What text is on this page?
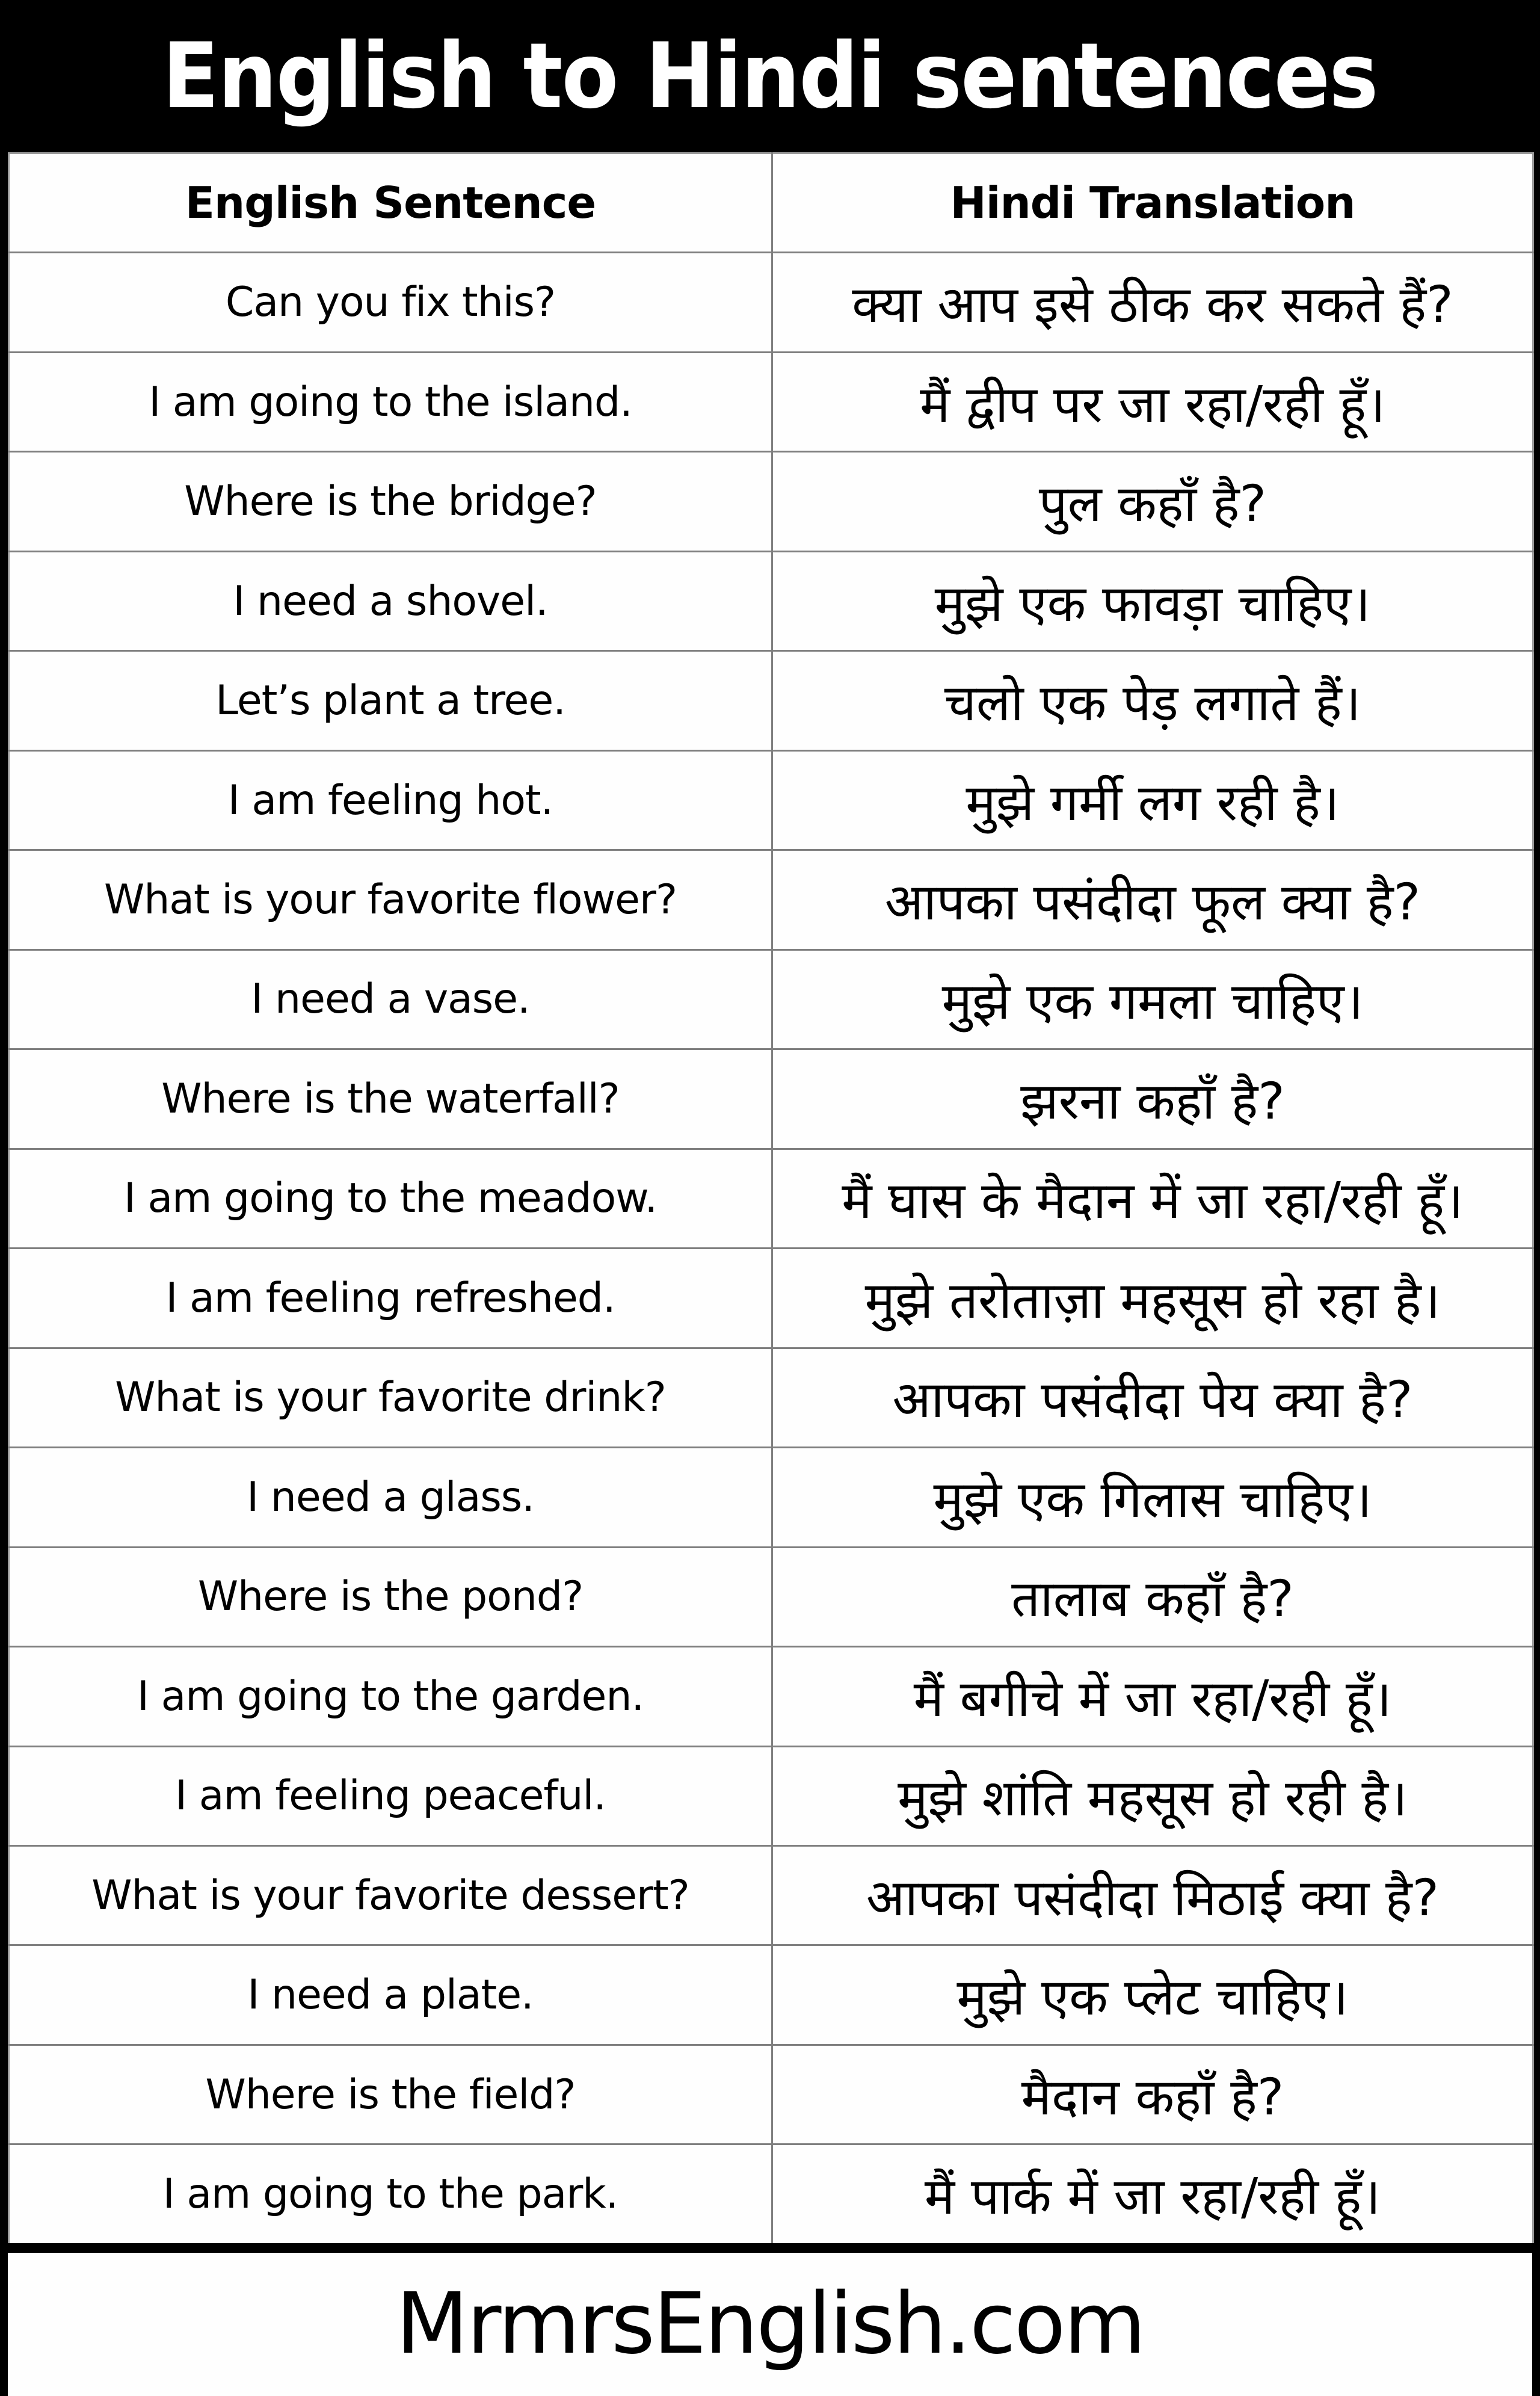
English to Hindi sentences
English Sentence	Hindi Translation
Can you fix this?	क्या आप इसे ठीक कर सकते हैं?
I am going to the island.	मैं द्वीप पर जा रहा/रही हूँ।
Where is the bridge?	पुल कहाँ है?
I need a shovel.	मुझे एक फावड़ा चाहिए।
Let’s plant a tree.	चलो एक पेड़ लगाते हैं।
I am feeling hot.	मुझे गर्मी लग रही है।
What is your favorite flower?	आपका पसंदीदा फूल क्या है?
I need a vase.	मुझे एक गमला चाहिए।
Where is the waterfall?	झरना कहाँ है?
I am going to the meadow.	मैं घास के मैदान में जा रहा/रही हूँ।
I am feeling refreshed.	मुझे तरोताज़ा महसूस हो रहा है।
What is your favorite drink?	आपका पसंदीदा पेय क्या है?
I need a glass.	मुझे एक गिलास चाहिए।
Where is the pond?	तालाब कहाँ है?
I am going to the garden.	मैं बगीचे में जा रहा/रही हूँ।
I am feeling peaceful.	मुझे शांति महसूस हो रही है।
What is your favorite dessert?	आपका पसंदीदा मिठाई क्या है?
I need a plate.	मुझे एक प्लेट चाहिए।
Where is the field?	मैदान कहाँ है?
I am going to the park.	मैं पार्क में जा रहा/रही हूँ।
MrmrsEnglish.com
